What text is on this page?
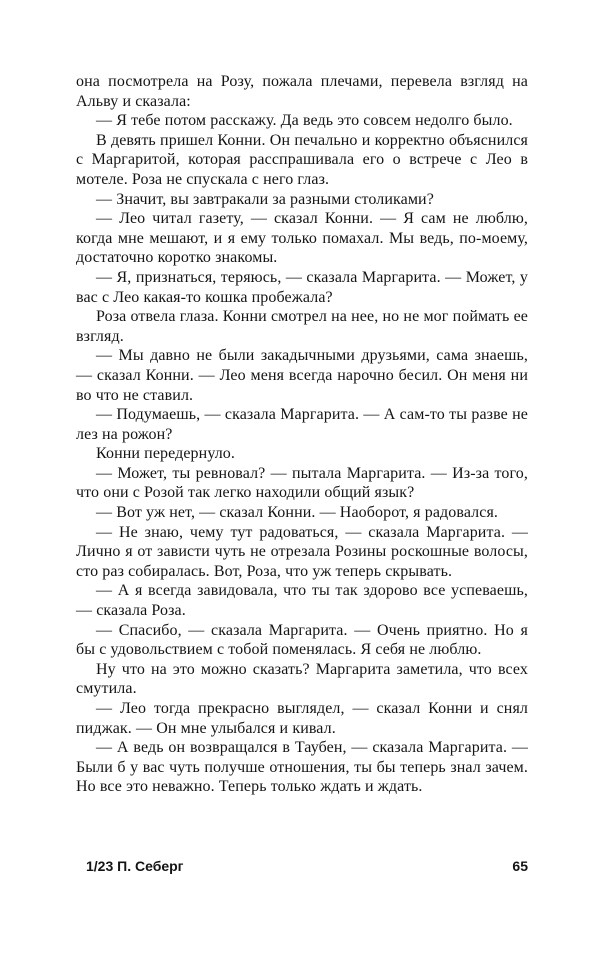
она посмотрела на Розу, пожала плечами, перевела взгляд на Альву и сказала:

— Я тебе потом расскажу. Да ведь это совсем недолго было.

В девять пришел Конни. Он печально и корректно объяснился с Маргаритой, которая расспрашивала его о встрече с Лео в мотеле. Роза не спускала с него глаз.

— Значит, вы завтракали за разными столиками?

— Лео читал газету, — сказал Конни. — Я сам не люблю, когда мне мешают, и я ему только помахал. Мы ведь, по-моему, достаточно коротко знакомы.

— Я, признаться, теряюсь, — сказала Маргарита. — Может, у вас с Лео какая-то кошка пробежала?

Роза отвела глаза. Конни смотрел на нее, но не мог поймать ее взгляд.

— Мы давно не были закадычными друзьями, сама знаешь, — сказал Конни. — Лео меня всегда нарочно бесил. Он меня ни во что не ставил.

— Подумаешь, — сказала Маргарита. — А сам-то ты разве не лез на рожон?

Конни передернуло.

— Может, ты ревновал? — пытала Маргарита. — Из-за того, что они с Розой так легко находили общий язык?

— Вот уж нет, — сказал Конни. — Наоборот, я радовался.

— Не знаю, чему тут радоваться, — сказала Маргарита. — Лично я от зависти чуть не отрезала Розины роскошные волосы, сто раз собиралась. Вот, Роза, что уж теперь скрывать.

— А я всегда завидовала, что ты так здорово все успеваешь, — сказала Роза.

— Спасибо, — сказала Маргарита. — Очень приятно. Но я бы с удовольствием с тобой поменялась. Я себя не люблю.

Ну что на это можно сказать? Маргарита заметила, что всех смутила.

— Лео тогда прекрасно выглядел, — сказал Конни и снял пиджак. — Он мне улыбался и кивал.

— А ведь он возвращался в Таубен, — сказала Маргарита. — Были б у вас чуть получше отношения, ты бы теперь знал зачем. Но все это неважно. Теперь только ждать и ждать.

1/23 П. Себерг	65
